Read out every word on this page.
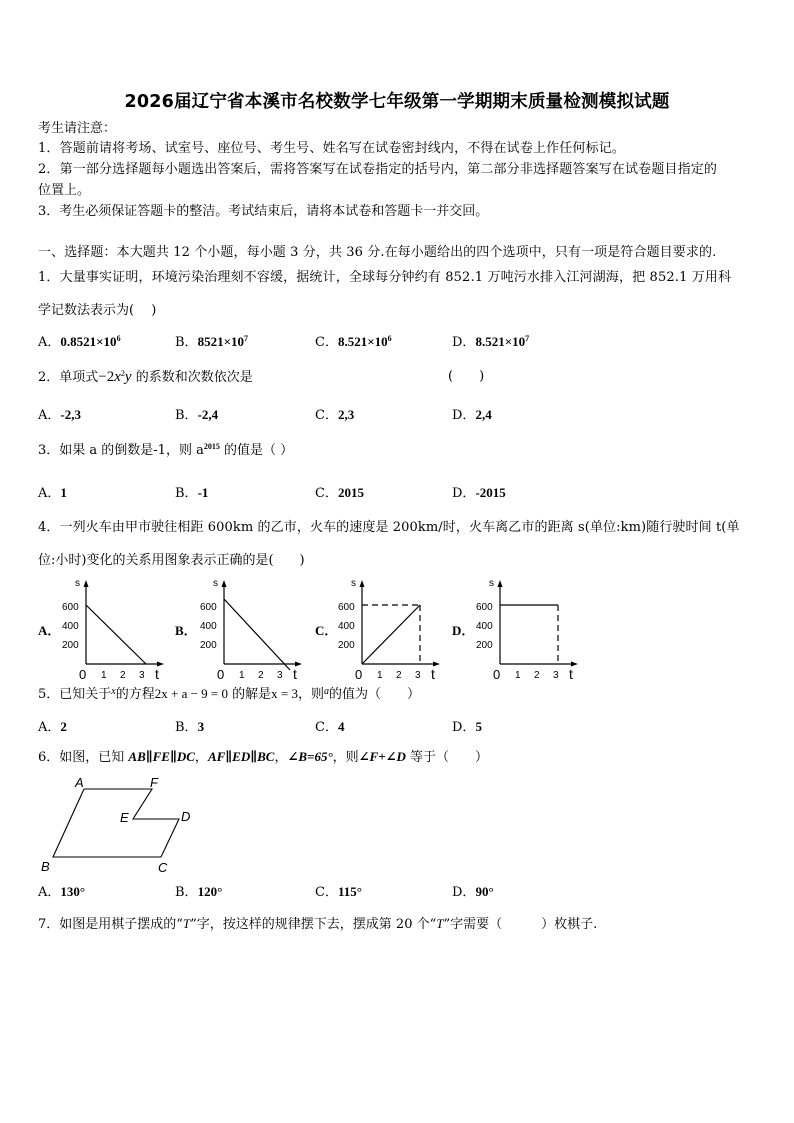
2026届辽宁省本溪市名校数学七年级第一学期期末质量检测模拟试题
考生请注意：
1．答题前请将考场、试室号、座位号、考生号、姓名写在试卷密封线内，不得在试卷上作任何标记。
2．第一部分选择题每小题选出答案后，需将答案写在试卷指定的括号内，第二部分非选择题答案写在试卷题目指定的
位置上。
3．考生必须保证答题卡的整洁。考试结束后，请将本试卷和答题卡一并交回。
一、选择题：本大题共 12 个小题，每小题 3 分，共 36 分.在每小题给出的四个选项中，只有一项是符合题目要求的.
1．大量事实证明，环境污染治理刻不容缓，据统计，全球每分钟约有 852.1 万吨污水排入江河湖海，把 852.1 万用科
学记数法表示为(　 )
A．$0.8521\times 10^6$	B．$8521\times 10^7$	C．$8.521\times 10^6$	D．$8.521\times 10^7$
2．单项式$-2x^2y$ 的系数和次数依次是	(　　)
A．-2,3	B．-2,4	C．2,3	D．2,4
3．如果 a 的倒数是-1，则 $a^{2015}$ 的值是（ ）
A．1	B．-1	C．2015	D．-2015
4．一列火车由甲市驶往相距 600km 的乙市，火车的速度是 200km/时，火车离乙市的距离 s(单位:km)随行驶时间 t(单
位:小时)变化的关系用图象表示正确的是(　　)
A．	B．	C．	D．
s
t
600
400
200
0 1 2 3
s
t
600
400
200
0 1 2 3
s
t
600
400
200
0 1 2 3
s
t
600
400
200
0 1 2 3
5．已知关于$^x$的方程2x + a − 9 = 0 的解是x = 3，则$^a$的值为（　　）
A．2	B．3	C．4	D．5
6．如图，已知 AB∥FE∥DC，AF∥ED∥BC，∠B=65°，则∠F+∠D 等于（　　）
A	F
E	D
B	C
A．130°	B．120°	C．115°	D．90°
7．如图是用棋子摆成的“T”字，按这样的规律摆下去，摆成第 20 个“T”字需要（　　　）枚棋子.
